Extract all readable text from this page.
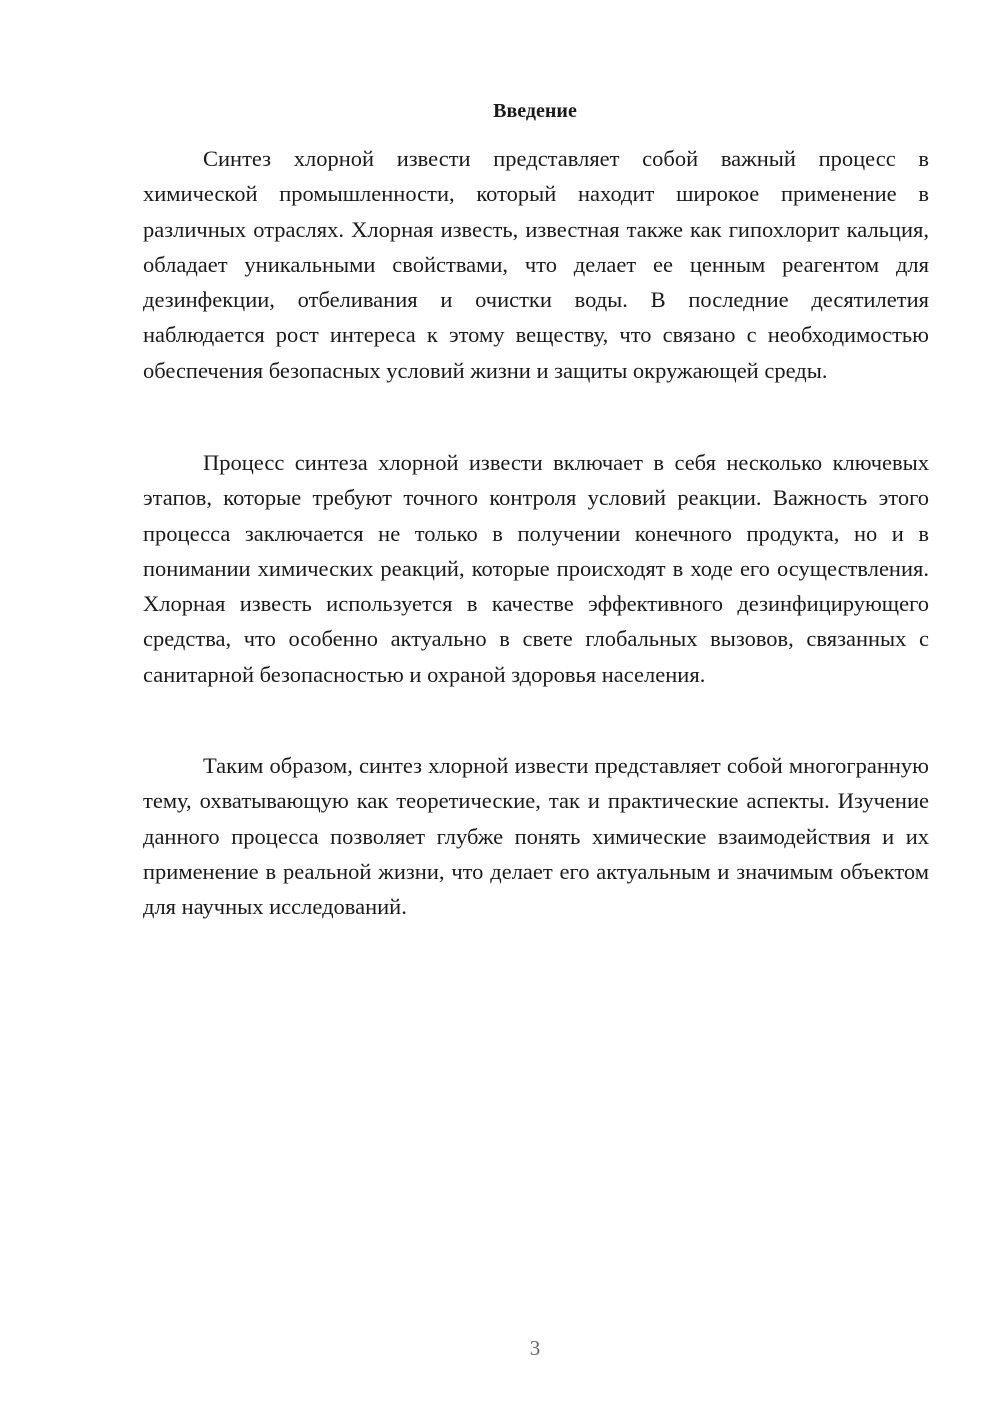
Введение

Синтез хлорной извести представляет собой важный процесс в химической промышленности, который находит широкое применение в различных отраслях. Хлорная известь, известная также как гипохлорит кальция, обладает уникальными свойствами, что делает ее ценным реагентом для дезинфекции, отбеливания и очистки воды. В последние десятилетия наблюдается рост интереса к этому веществу, что связано с необходимостью обеспечения безопасных условий жизни и защиты окружающей среды.

Процесс синтеза хлорной извести включает в себя несколько ключевых этапов, которые требуют точного контроля условий реакции. Важность этого процесса заключается не только в получении конечного продукта, но и в понимании химических реакций, которые происходят в ходе его осуществления. Хлорная известь используется в качестве эффективного дезинфицирующего средства, что особенно актуально в свете глобальных вызовов, связанных с санитарной безопасностью и охраной здоровья населения.

Таким образом, синтез хлорной извести представляет собой многогранную тему, охватывающую как теоретические, так и практические аспекты. Изучение данного процесса позволяет глубже понять химические взаимодействия и их применение в реальной жизни, что делает его актуальным и значимым объектом для научных исследований.

3
